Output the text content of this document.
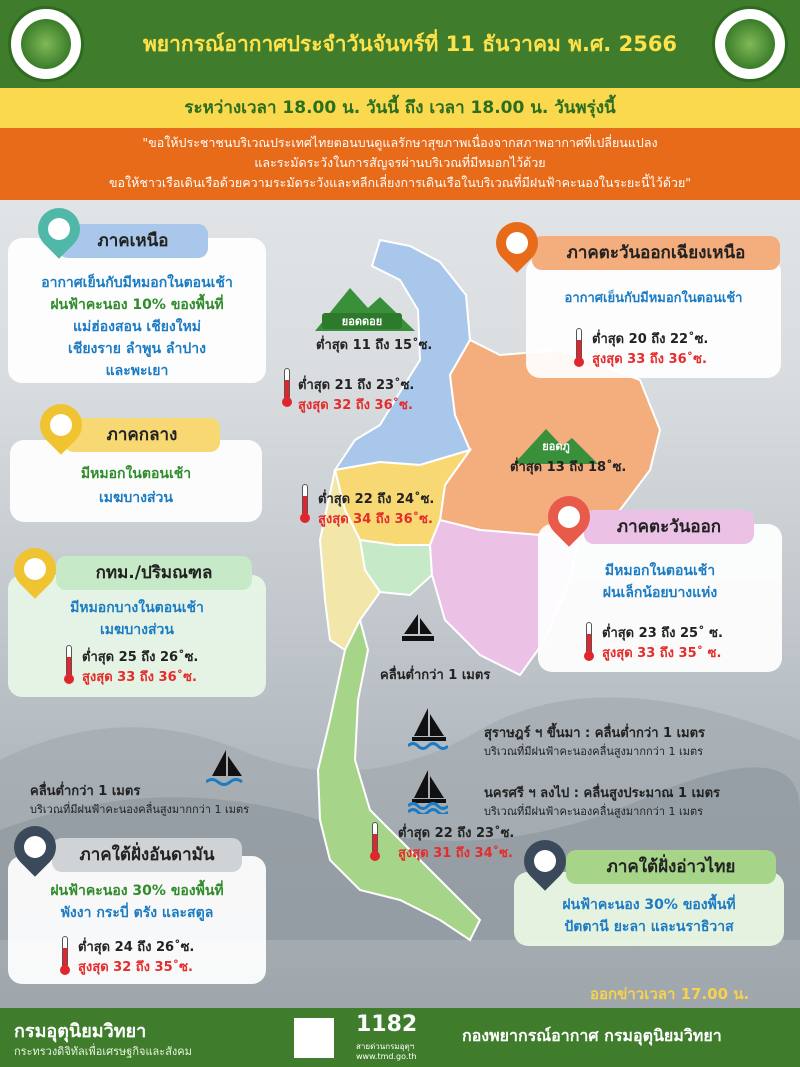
พยากรณ์อากาศประจำวันจันทร์ที่ 11 ธันวาคม พ.ศ. 2566
ระหว่างเวลา 18.00 น. วันนี้ ถึง เวลา 18.00 น. วันพรุ่งนี้
"ขอให้ประชาชนบริเวณประเทศไทยตอนบนดูแลรักษาสุขภาพเนื่องจากสภาพอากาศที่เปลี่ยนแปลง
และระมัดระวังในการสัญจรผ่านบริเวณที่มีหมอกไว้ด้วย
ขอให้ชาวเรือเดินเรือด้วยความระมัดระวังและหลีกเลี่ยงการเดินเรือในบริเวณที่มีฝนฟ้าคะนองในระยะนี้ไว้ด้วย"
ยอดดอย
ต่ำสุด 11 ถึง 15˚ซ.
ยอดภู
ต่ำสุด 13 ถึง 18˚ซ.
อากาศเย็นกับมีหมอกในตอนเช้า
ฝนฟ้าคะนอง 10% ของพื้นที่
แม่ฮ่องสอน เชียงใหม่
เชียงราย ลำพูน ลำปาง
และพะเยา
ภาคเหนือ
ต่ำสุด 21 ถึง 23˚ซ.
สูงสุด 32 ถึง 36˚ซ.
อากาศเย็นกับมีหมอกในตอนเช้า
ภาคตะวันออกเฉียงเหนือ
ต่ำสุด 20 ถึง 22˚ซ.
สูงสุด 33 ถึง 36˚ซ.
มีหมอกในตอนเช้า
เมฆบางส่วน
ภาคกลาง
ต่ำสุด 22 ถึง 24˚ซ.
สูงสุด 34 ถึง 36˚ซ.
มีหมอกในตอนเช้า
ฝนเล็กน้อยบางแห่ง
ภาคตะวันออก
ต่ำสุด 23 ถึง 25˚ ซ.
สูงสุด 33 ถึง 35˚ ซ.
มีหมอกบางในตอนเช้า
เมฆบางส่วน
กทม./ปริมณฑล
ต่ำสุด 25 ถึง 26˚ซ.
สูงสุด 33 ถึง 36˚ซ.	คลื่นต่ำกว่า 1 เมตร
สุราษฎร์ ฯ ขึ้นมา : คลื่นต่ำกว่า 1 เมตร
บริเวณที่มีฝนฟ้าคะนองคลื่นสูงมากกว่า 1 เมตร
นครศรี ฯ ลงไป : คลื่นสูงประมาณ 1 เมตร
บริเวณที่มีฝนฟ้าคะนองคลื่นสูงมากกว่า 1 เมตร
คลื่นต่ำกว่า 1 เมตร
บริเวณที่มีฝนฟ้าคะนองคลื่นสูงมากกว่า 1 เมตร
ต่ำสุด 22 ถึง 23˚ซ.
สูงสุด 31 ถึง 34˚ซ.
ฝนฟ้าคะนอง 30% ของพื้นที่
พังงา กระบี่ ตรัง และสตูล
ภาคใต้ฝั่งอันดามัน
ต่ำสุด 24 ถึง 26˚ซ.
สูงสุด 32 ถึง 35˚ซ.
ฝนฟ้าคะนอง 30% ของพื้นที่
ปัตตานี ยะลา และนราธิวาส
ภาคใต้ฝั่งอ่าวไทย
ออกข่าวเวลา 17.00 น.
กรมอุตุนิยมวิทยา
กระทรวงดิจิทัลเพื่อเศรษฐกิจและสังคม
1182
สายด่วนกรมอุตุฯ
www.tmd.go.th
กองพยากรณ์อากาศ กรมอุตุนิยมวิทยา
